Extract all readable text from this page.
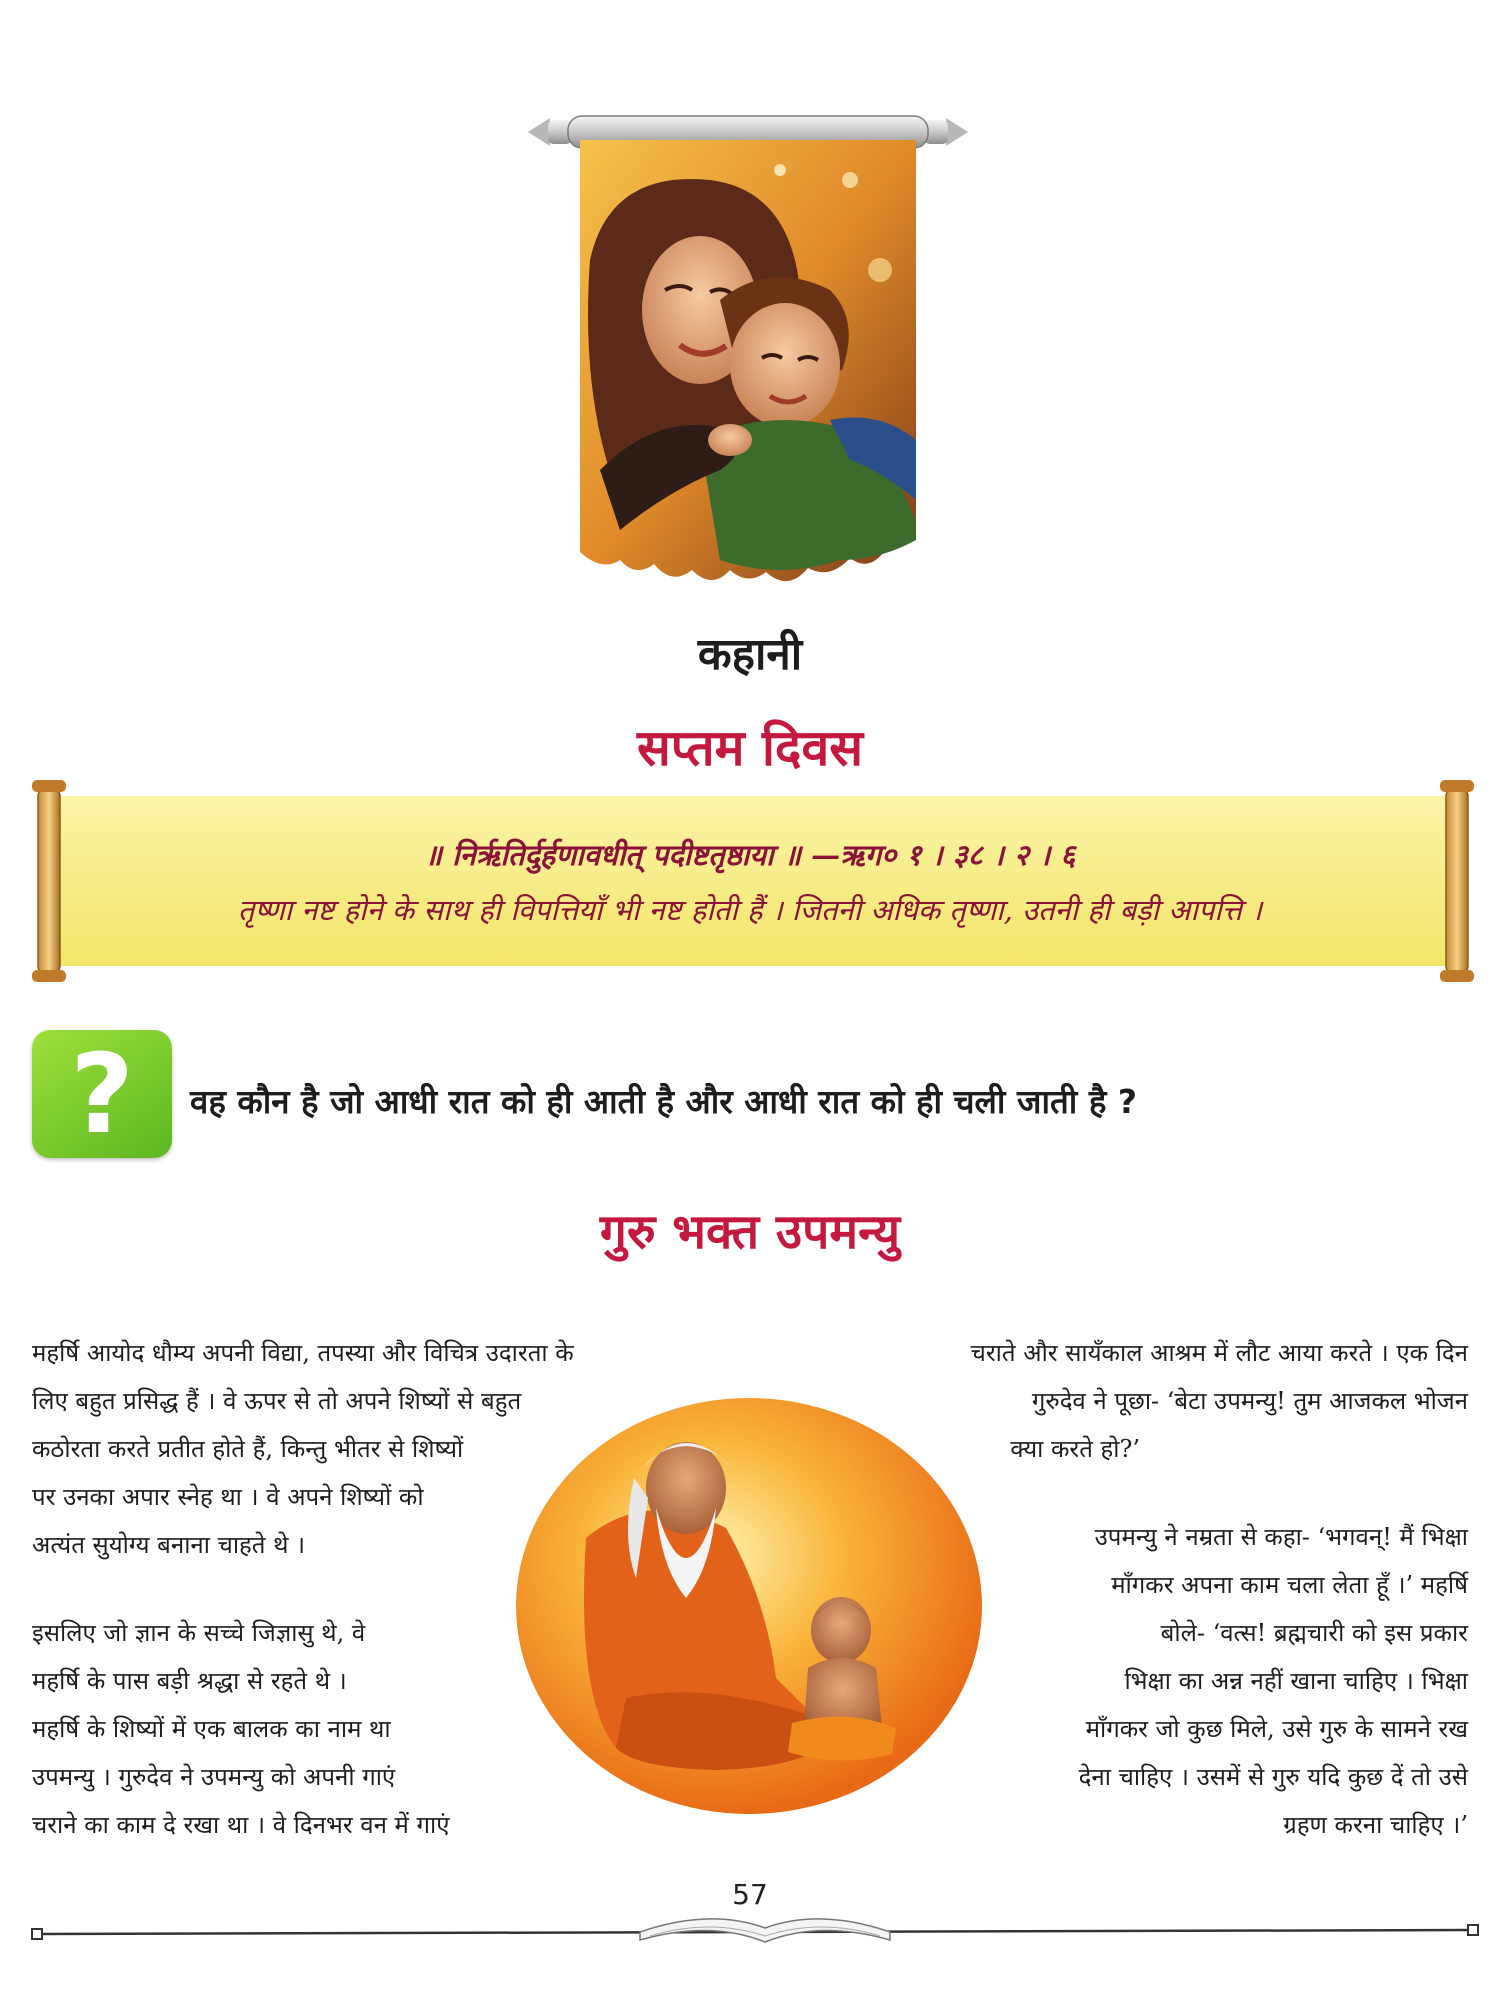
कहानी
सप्तम दिवस
॥ निर्ऋतिर्दुर्हणावधीत् पदीष्टतृष्ठाया ॥ —ऋग० १ । ३८ । २ । ६
तृष्णा नष्ट होने के साथ ही विपत्तियाँ भी नष्ट होती हैं । जितनी अधिक तृष्णा, उतनी ही बड़ी आपत्ति ।
?	वह कौन है जो आधी रात को ही आती है और आधी रात को ही चली जाती है ?
गुरु भक्त उपमन्यु
महर्षि आयोद धौम्य अपनी विद्या, तपस्या और विचित्र उदारता के
लिए बहुत प्रसिद्ध हैं । वे ऊपर से तो अपने शिष्यों से बहुत
कठोरता करते प्रतीत होते हैं, किन्तु भीतर से शिष्यों
पर उनका अपार स्नेह था । वे अपने शिष्यों को
अत्यंत सुयोग्य बनाना चाहते थे ।
इसलिए जो ज्ञान के सच्चे जिज्ञासु थे, वे
महर्षि के पास बड़ी श्रद्धा से रहते थे ।
महर्षि के शिष्यों में एक बालक का नाम था
उपमन्यु । गुरुदेव ने उपमन्यु को अपनी गाएं
चराने का काम दे रखा था । वे दिनभर वन में गाएं
चराते और सायँकाल आश्रम में लौट आया करते । एक दिन
गुरुदेव ने पूछा- ‘बेटा उपमन्यु! तुम आजकल भोजन
क्या करते हो?’
उपमन्यु ने नम्रता से कहा- ‘भगवन्! मैं भिक्षा
माँगकर अपना काम चला लेता हूँ ।’ महर्षि
बोले- ‘वत्स! ब्रह्मचारी को इस प्रकार
भिक्षा का अन्न नहीं खाना चाहिए । भिक्षा
माँगकर जो कुछ मिले, उसे गुरु के सामने रख
देना चाहिए । उसमें से गुरु यदि कुछ दें तो उसे
ग्रहण करना चाहिए ।’
57
